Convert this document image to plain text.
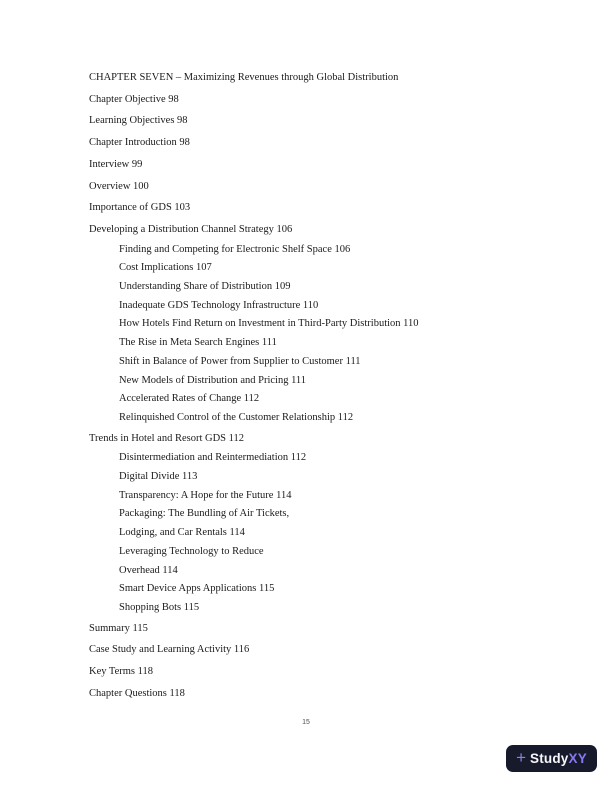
CHAPTER SEVEN – Maximizing Revenues through Global Distribution
Chapter Objective 98
Learning Objectives 98
Chapter Introduction 98
Interview 99
Overview 100
Importance of GDS 103
Developing a Distribution Channel Strategy 106
Finding and Competing for Electronic Shelf Space 106
Cost Implications 107
Understanding Share of Distribution 109
Inadequate GDS Technology Infrastructure 110
How Hotels Find Return on Investment in Third-Party Distribution 110
The Rise in Meta Search Engines 111
Shift in Balance of Power from Supplier to Customer 111
New Models of Distribution and Pricing 111
Accelerated Rates of Change 112
Relinquished Control of the Customer Relationship 112
Trends in Hotel and Resort GDS 112
Disintermediation and Reintermediation 112
Digital Divide 113
Transparency: A Hope for the Future 114
Packaging: The Bundling of Air Tickets,
Lodging, and Car Rentals 114
Leveraging Technology to Reduce
Overhead 114
Smart Device Apps Applications 115
Shopping Bots 115
Summary 115
Case Study and Learning Activity 116
Key Terms 118
Chapter Questions 118
15
+ StudyXY
